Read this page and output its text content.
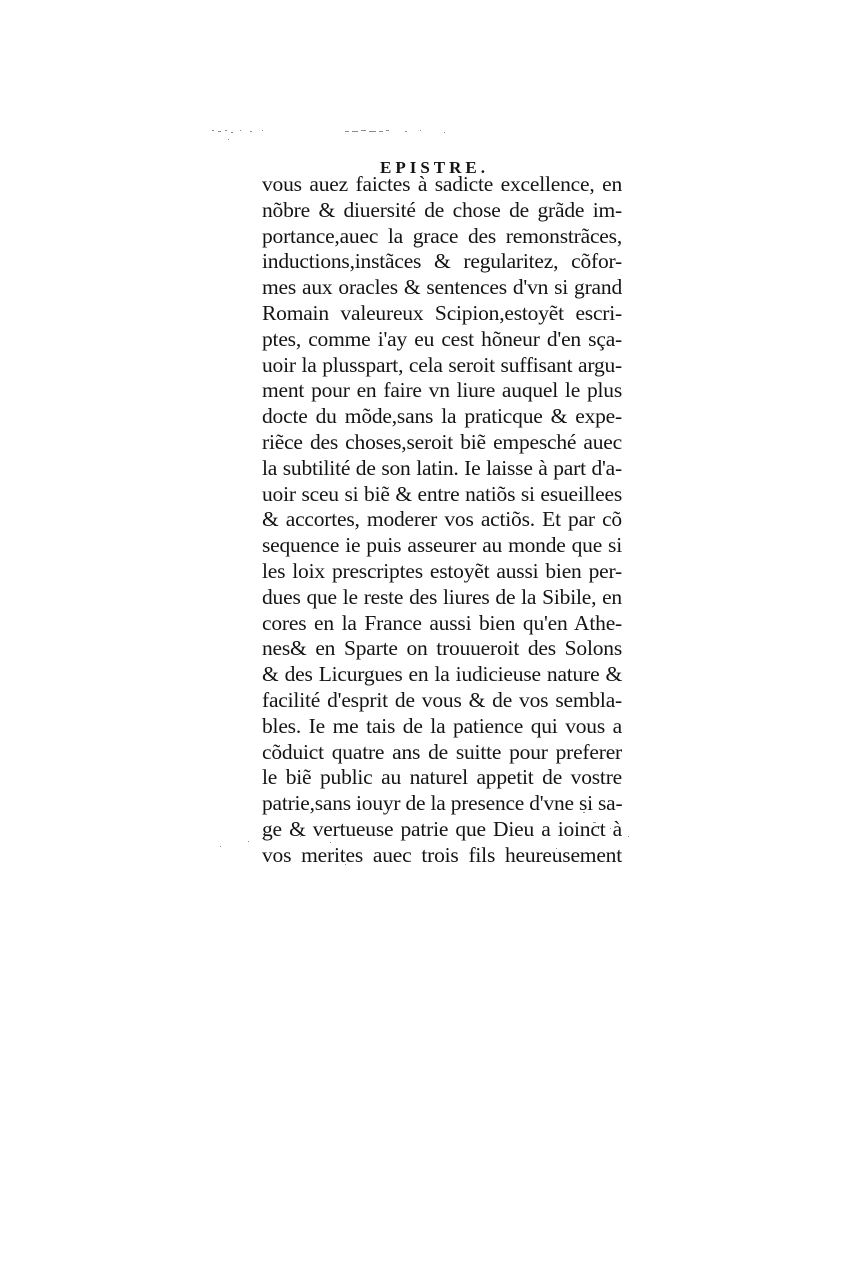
EPISTRE.
vous auez faictes à sadicte excellence, en
nõbre & diuersité de chose de grãde im-
portance,auec la grace des remonstrãces,
inductions,instãces & regularitez, cõfor-
mes aux oracles & sentences d'vn si grand
Romain valeureux Scipion,estoyẽt escri-
ptes, comme i'ay eu cest hõneur d'en sça-
uoir la plusspart, cela seroit suffisant argu-
ment pour en faire vn liure auquel le plus
docte du mõde,sans la praticque & expe-
riẽce des choses,seroit biẽ empesché auec
la subtilité de son latin. Ie laisse à part d'a-
uoir sceu si biẽ & entre natiõs si esueillees
& accortes, moderer vos actiõs. Et par cõ
sequence ie puis asseurer au monde que si
les loix prescriptes estoyẽt aussi bien per-
dues que le reste des liures de la Sibile, en
cores en la France aussi bien qu'en Athe-
nes& en Sparte on trouueroit des Solons
& des Licurgues en la iudicieuse nature &
facilité d'esprit de vous & de vos sembla-
bles. Ie me tais de la patience qui vous a
cõduict quatre ans de suitte pour preferer
le biẽ public au naturel appetit de vostre
patrie,sans iouyr de la presence d'vne si sa-
ge & vertueuse patrie que Dieu a ioinct à
vos merites auec trois fils heureusement
